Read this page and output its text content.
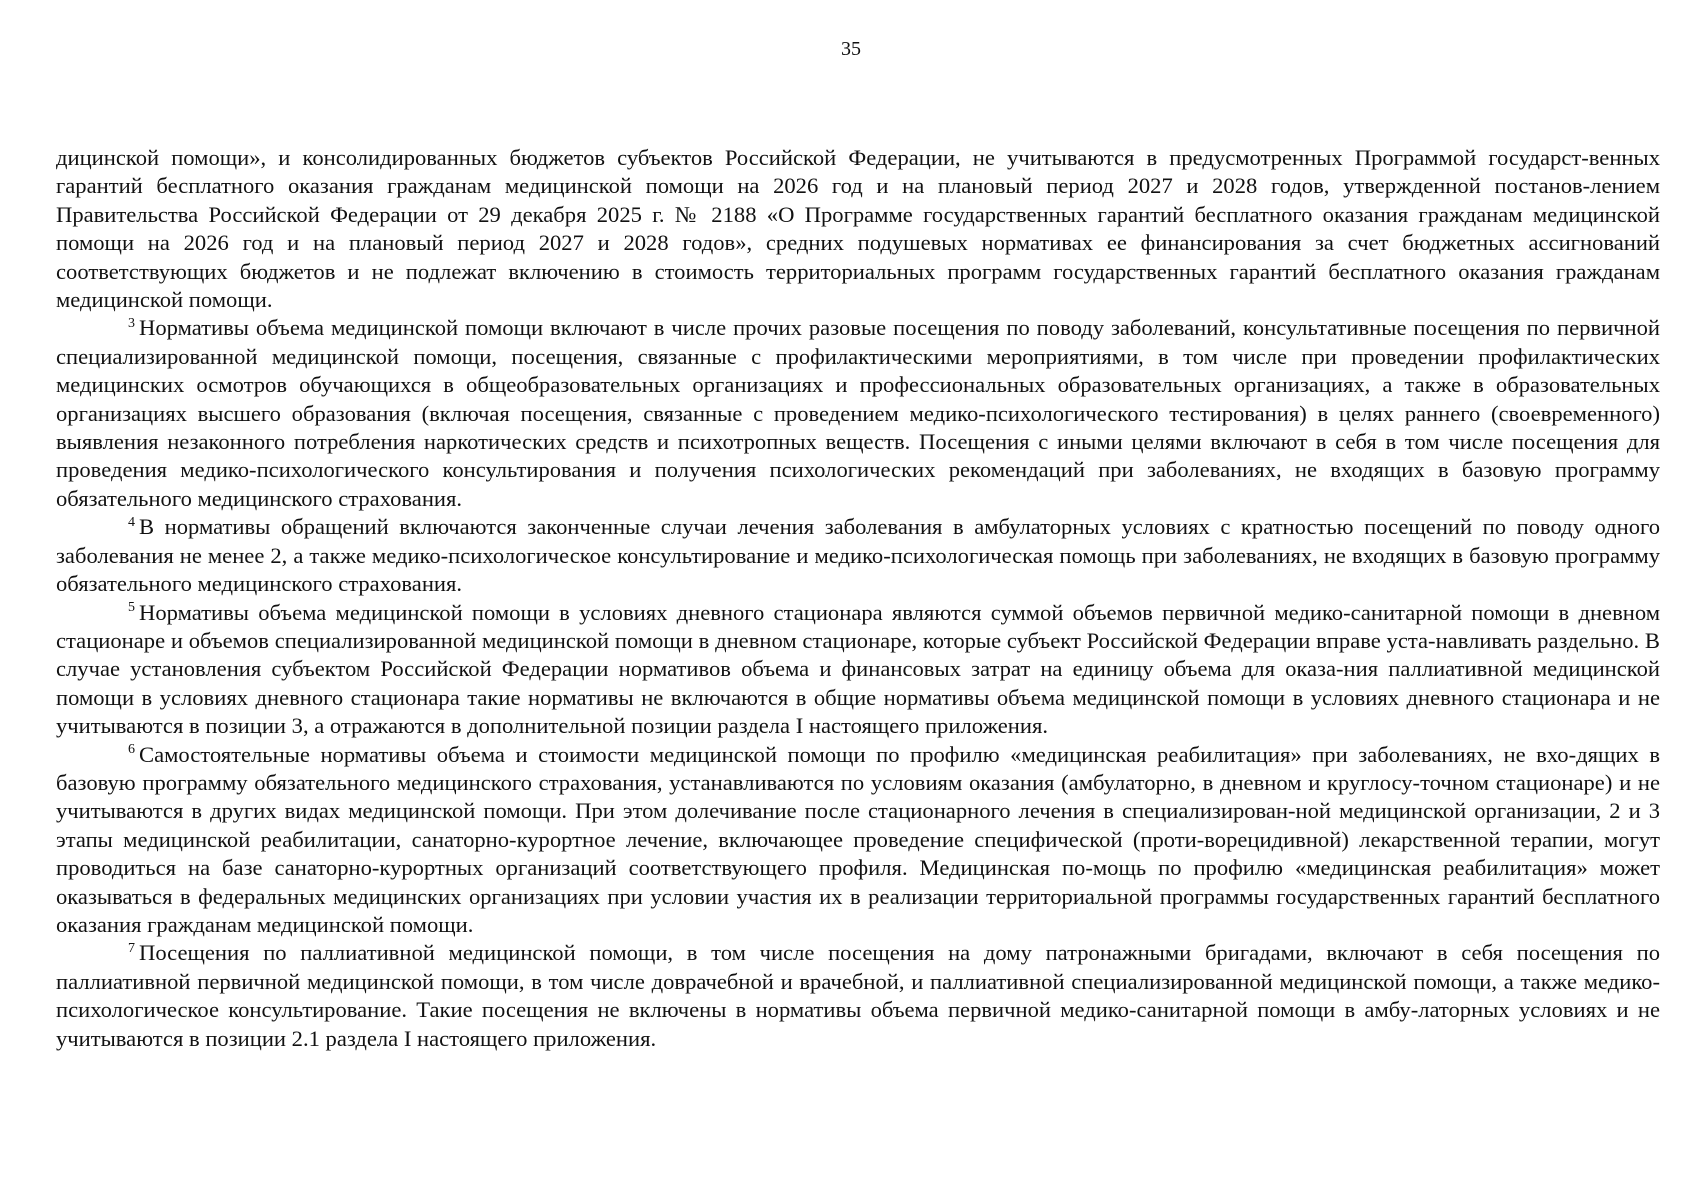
35

дицинской помощи», и консолидированных бюджетов субъектов Российской Федерации, не учитываются в предусмотренных Программой государст-венных гарантий бесплатного оказания гражданам медицинской помощи на 2026 год и на плановый период 2027 и 2028 годов, утвержденной постанов-лением Правительства Российской Федерации от 29 декабря 2025 г. № 2188 «О Программе государственных гарантий бесплатного оказания гражданам медицинской помощи на 2026 год и на плановый период 2027 и 2028 годов», средних подушевых нормативах ее финансирования за счет бюджетных ассигнований соответствующих бюджетов и не подлежат включению в стоимость территориальных программ государственных гарантий бесплатного оказания гражданам медицинской помощи.

$^3$ Нормативы объема медицинской помощи включают в числе прочих разовые посещения по поводу заболеваний, консультативные посещения по первичной специализированной медицинской помощи, посещения, связанные с профилактическими мероприятиями, в том числе при проведении профилактических медицинских осмотров обучающихся в общеобразовательных организациях и профессиональных образовательных организациях, а также в образовательных организациях высшего образования (включая посещения, связанные с проведением медико-психологического тестирования) в целях раннего (своевременного) выявления незаконного потребления наркотических средств и психотропных веществ. Посещения с иными целями включают в себя в том числе посещения для проведения медико-психологического консультирования и получения психологических рекомендаций при заболеваниях, не входящих в базовую программу обязательного медицинского страхования.

$^4$ В нормативы обращений включаются законченные случаи лечения заболевания в амбулаторных условиях с кратностью посещений по поводу одного заболевания не менее 2, а также медико-психологическое консультирование и медико-психологическая помощь при заболеваниях, не входящих в базовую программу обязательного медицинского страхования.

$^5$ Нормативы объема медицинской помощи в условиях дневного стационара являются суммой объемов первичной медико-санитарной помощи в дневном стационаре и объемов специализированной медицинской помощи в дневном стационаре, которые субъект Российской Федерации вправе уста-навливать раздельно. В случае установления субъектом Российской Федерации нормативов объема и финансовых затрат на единицу объема для оказа-ния паллиативной медицинской помощи в условиях дневного стационара такие нормативы не включаются в общие нормативы объема медицинской помощи в условиях дневного стационара и не учитываются в позиции 3, а отражаются в дополнительной позиции раздела I настоящего приложения.

$^6$ Самостоятельные нормативы объема и стоимости медицинской помощи по профилю «медицинская реабилитация» при заболеваниях, не вхо-дящих в базовую программу обязательного медицинского страхования, устанавливаются по условиям оказания (амбулаторно, в дневном и круглосу-точном стационаре) и не учитываются в других видах медицинской помощи. При этом долечивание после стационарного лечения в специализирован-ной медицинской организации, 2 и 3 этапы медицинской реабилитации, санаторно-курортное лечение, включающее проведение специфической (проти-ворецидивной) лекарственной терапии, могут проводиться на базе санаторно-курортных организаций соответствующего профиля. Медицинская по-мощь по профилю «медицинская реабилитация» может оказываться в федеральных медицинских организациях при условии участия их в реализации территориальной программы государственных гарантий бесплатного оказания гражданам медицинской помощи.

$^7$ Посещения по паллиативной медицинской помощи, в том числе посещения на дому патронажными бригадами, включают в себя посещения по паллиативной первичной медицинской помощи, в том числе доврачебной и врачебной, и паллиативной специализированной медицинской помощи, а также медико-психологическое консультирование. Такие посещения не включены в нормативы объема первичной медико-санитарной помощи в амбу-латорных условиях и не учитываются в позиции 2.1 раздела I настоящего приложения.
